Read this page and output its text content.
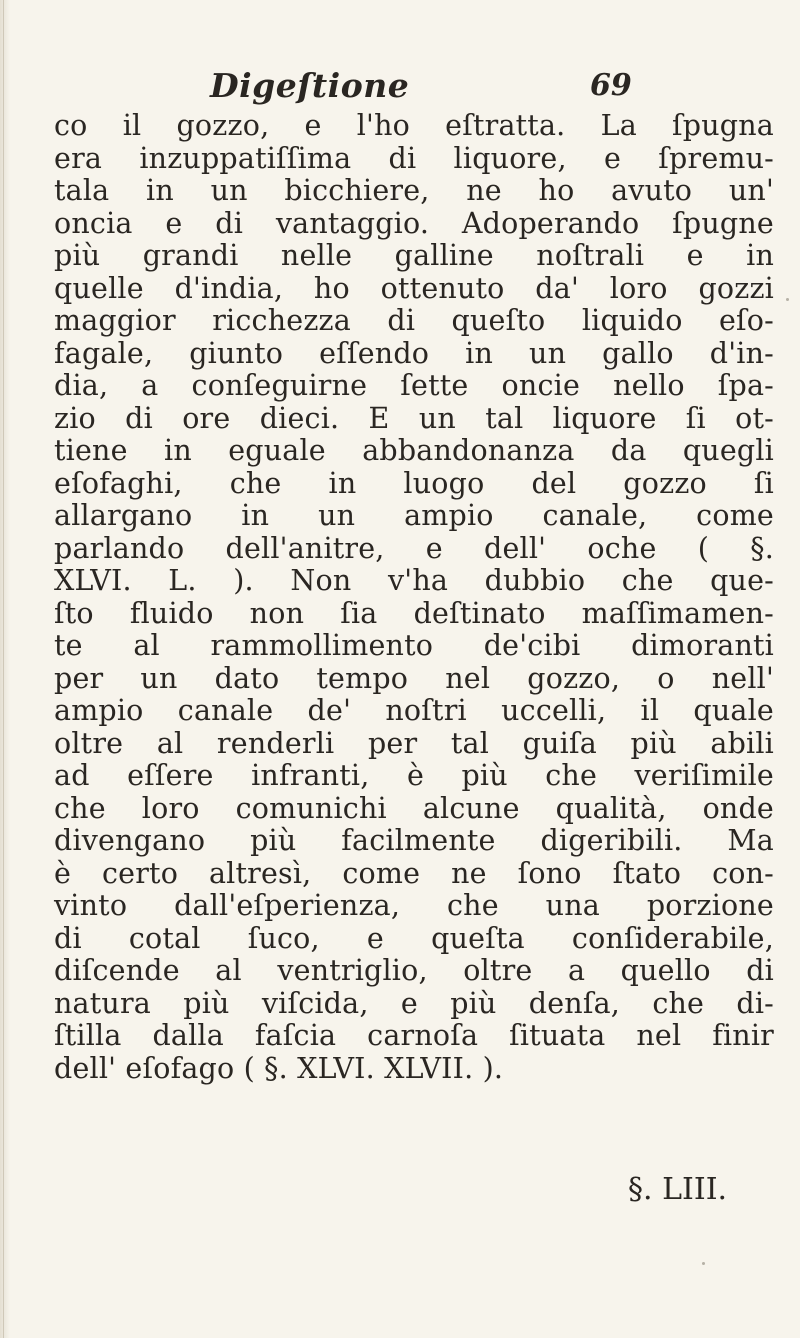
Digeſtione	69
co il gozzo, e l'ho eſtratta. La ſpugna
era inzuppatiſſima di liquore, e ſpremu-
tala in un bicchiere, ne ho avuto un'
oncia e di vantaggio. Adoperando ſpugne
più grandi nelle galline noſtrali e in
quelle d'india, ho ottenuto da' loro gozzi
maggior ricchezza di queſto liquido eſo-
fagale, giunto eſſendo in un gallo d'in-
dia, a conſeguirne ſette oncie nello ſpa-
zio di ore dieci. E un tal liquore ſi ot-
tiene in eguale abbandonanza da quegli
eſofaghi, che in luogo del gozzo ſi
allargano in un ampio canale, come
parlando dell'anitre, e dell' oche ( §.
XLVI. L. ). Non v'ha dubbio che que-
ſto fluido non ſia deſtinato maſſimamen-
te al rammollimento de'cibi dimoranti
per un dato tempo nel gozzo, o nell'
ampio canale de' noſtri uccelli, il quale
oltre al renderli per tal guiſa più abili
ad eſſere infranti, è più che veriſimile
che loro comunichi alcune qualità, onde
divengano più facilmente digeribili. Ma
è certo altresì, come ne ſono ſtato con-
vinto dall'eſperienza, che una porzione
di cotal ſuco, e queſta conſiderabile,
diſcende al ventriglio, oltre a quello di
natura più viſcida, e più denſa, che di-
ſtilla dalla faſcia carnoſa ſituata nel finir
dell' eſofago ( §. XLVI. XLVII. ).
§. LIII.
